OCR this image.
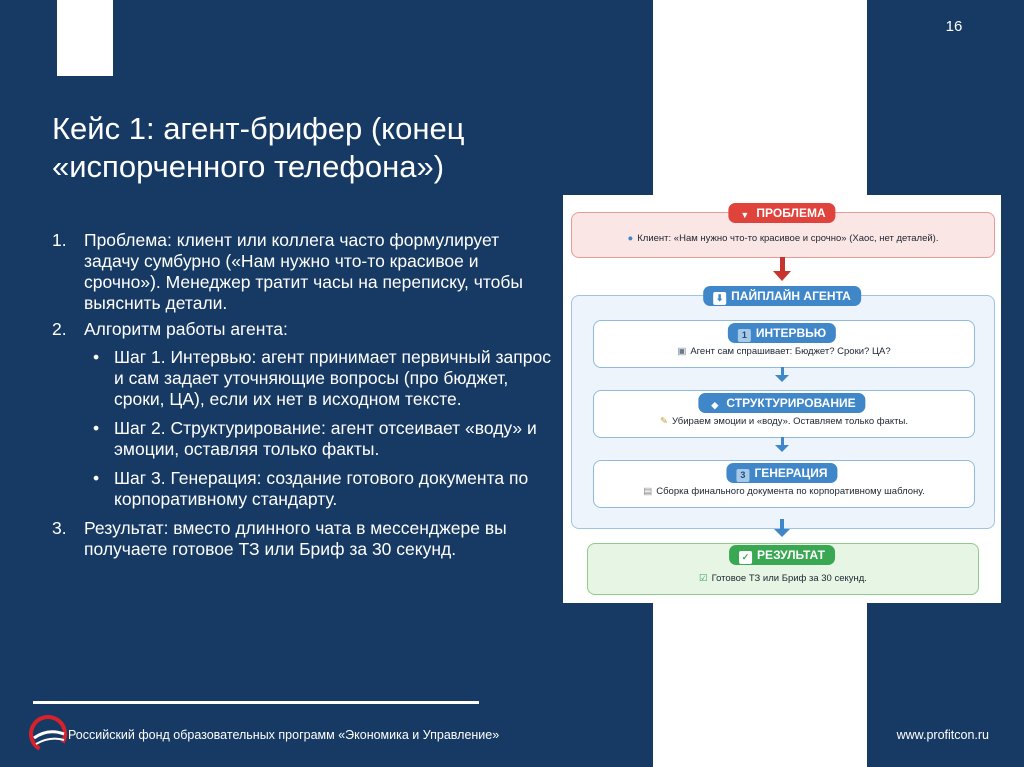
16
Кейс 1: агент-брифер (конец
«испорченного телефона»)
1. Проблема: клиент или коллега часто формулирует задачу сумбурно («Нам нужно что-то красивое и срочно»). Менеджер тратит часы на переписку, чтобы выяснить детали.
2. Алгоритм работы агента:
• Шаг 1. Интервью: агент принимает первичный запрос и сам задает уточняющие вопросы (про бюджет, сроки, ЦА), если их нет в исходном тексте.
• Шаг 2. Структурирование: агент отсеивает «воду» и эмоции, оставляя только факты.
• Шаг 3. Генерация: создание готового документа по корпоративному стандарту.
3. Результат: вместо длинного чата в мессенджере вы получаете готовое ТЗ или Бриф за 30 секунд.
● Клиент: «Нам нужно что-то красивое и срочно» (Хаос, нет деталей).
▼ ПРОБЛЕМА
⬇ ПАЙПЛАЙН АГЕНТА
▣ Агент сам спрашивает: Бюджет? Сроки? ЦА?
1 ИНТЕРВЬЮ
✎ Убираем эмоции и «воду». Оставляем только факты.
◆ СТРУКТУРИРОВАНИЕ
▤ Сборка финального документа по корпоративному шаблону.
3 ГЕНЕРАЦИЯ
☑ Готовое ТЗ или Бриф за 30 секунд.
✓ РЕЗУЛЬТАТ
Российский фонд образовательных программ «Экономика и Управление»	www.profitcon.ru
